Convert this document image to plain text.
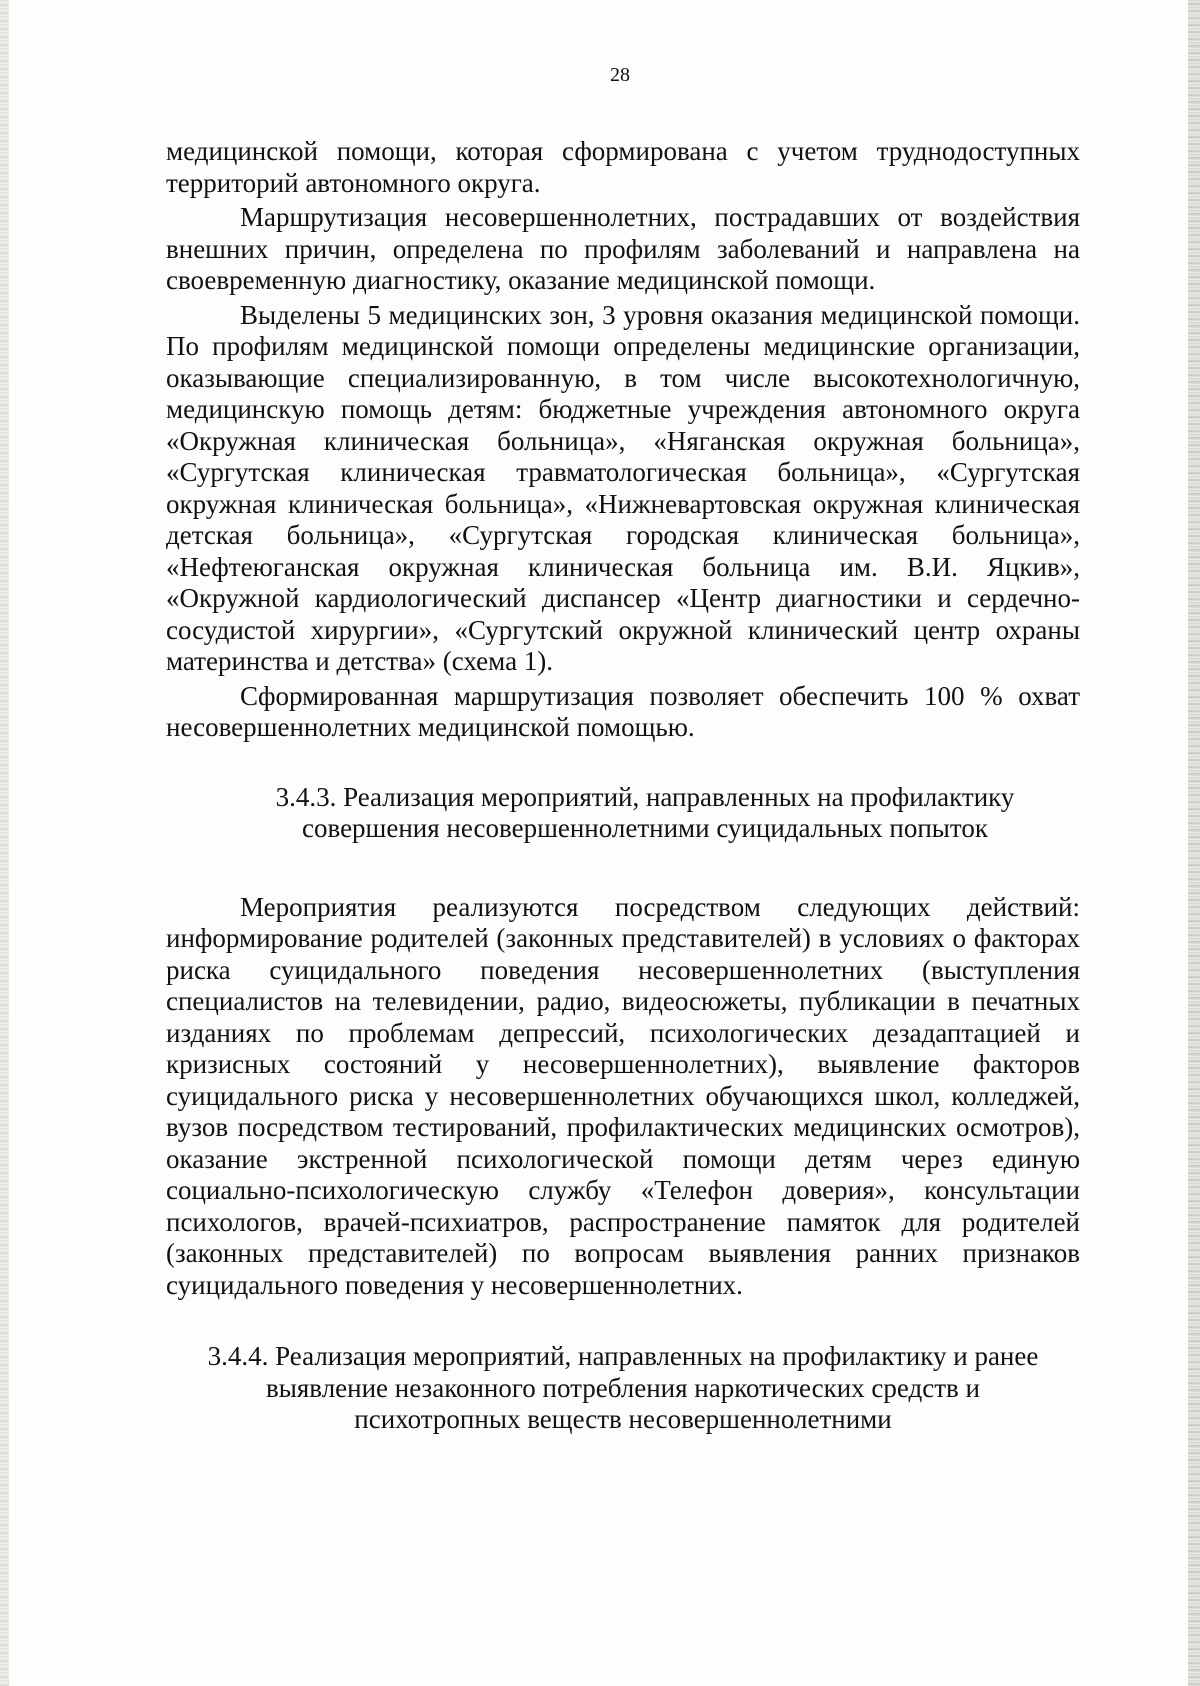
28

медицинской помощи, которая сформирована с учетом труднодоступных территорий автономного округа.

Маршрутизация несовершеннолетних, пострадавших от воздействия внешних причин, определена по профилям заболеваний и направлена на своевременную диагностику, оказание медицинской помощи.

Выделены 5 медицинских зон, 3 уровня оказания медицинской помощи. По профилям медицинской помощи определены медицинские организации, оказывающие специализированную, в том числе высокотехнологичную, медицинскую помощь детям: бюджетные учреждения автономного округа «Окружная клиническая больница», «Няганская окружная больница», «Сургутская клиническая травматологическая больница», «Сургутская окружная клиническая больница», «Нижневартовская окружная клиническая детская больница», «Сургутская городская клиническая больница», «Нефтеюганская окружная клиническая больница им. В.И. Яцкив», «Окружной кардиологический диспансер «Центр диагностики и сердечно-сосудистой хирургии», «Сургутский окружной клинический центр охраны материнства и детства» (схема 1).

Сформированная маршрутизация позволяет обеспечить 100 % охват несовершеннолетних медицинской помощью.

3.4.3. Реализация мероприятий, направленных на профилактику
совершения несовершеннолетними суицидальных попыток

Мероприятия реализуются посредством следующих действий: информирование родителей (законных представителей) в условиях о факторах риска суицидального поведения несовершеннолетних (выступления специалистов на телевидении, радио, видеосюжеты, публикации в печатных изданиях по проблемам депрессий, психологических дезадаптацией и кризисных состояний у несовершеннолетних), выявление факторов суицидального риска у несовершеннолетних обучающихся школ, колледжей, вузов посредством тестирований, профилактических медицинских осмотров), оказание экстренной психологической помощи детям через единую социально-психологическую службу «Телефон доверия», консультации психологов, врачей-психиатров, распространение памяток для родителей (законных представителей) по вопросам выявления ранних признаков суицидального поведения у несовершеннолетних.

3.4.4. Реализация мероприятий, направленных на профилактику и ранее
выявление незаконного потребления наркотических средств и
психотропных веществ несовершеннолетними
